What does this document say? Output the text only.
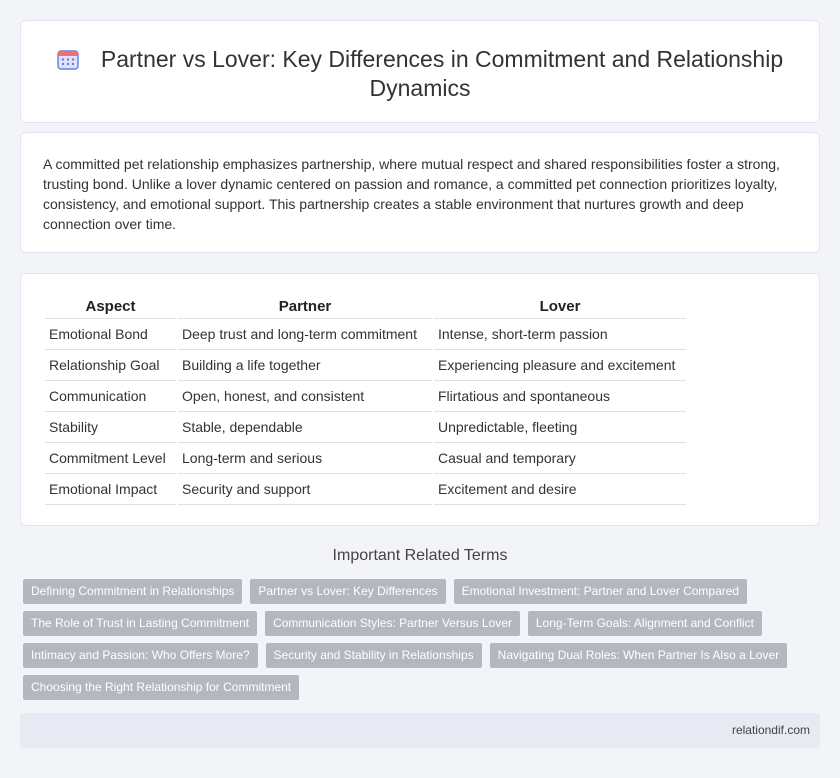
Partner vs Lover: Key Differences in Commitment and Relationship Dynamics

A committed pet relationship emphasizes partnership, where mutual respect and shared responsibilities foster a strong, trusting bond. Unlike a lover dynamic centered on passion and romance, a committed pet connection prioritizes loyalty, consistency, and emotional support. This partnership creates a stable environment that nurtures growth and deep connection over time.

Aspect	Partner	Lover
Emotional Bond	Deep trust and long-term commitment	Intense, short-term passion
Relationship Goal	Building a life together	Experiencing pleasure and excitement
Communication	Open, honest, and consistent	Flirtatious and spontaneous
Stability	Stable, dependable	Unpredictable, fleeting
Commitment Level	Long-term and serious	Casual and temporary
Emotional Impact	Security and support	Excitement and desire
Important Related Terms
Defining Commitment in Relationships	Partner vs Lover: Key Differences	Emotional Investment: Partner and Lover Compared
The Role of Trust in Lasting Commitment	Communication Styles: Partner Versus Lover	Long-Term Goals: Alignment and Conflict
Intimacy and Passion: Who Offers More?	Security and Stability in Relationships	Navigating Dual Roles: When Partner Is Also a Lover
Choosing the Right Relationship for Commitment
relationdif.com
